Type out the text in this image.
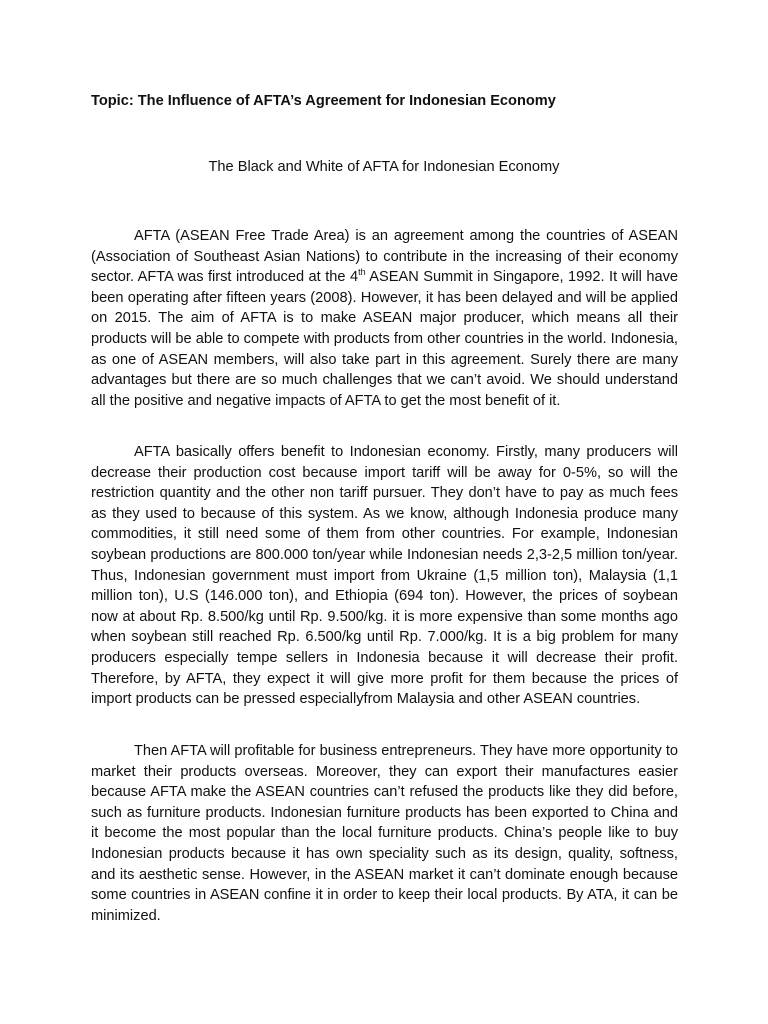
Topic: The Influence of AFTA’s Agreement for Indonesian Economy
The Black and White of AFTA for Indonesian Economy

AFTA (ASEAN Free Trade Area) is an agreement among the countries of ASEAN (Association of Southeast Asian Nations) to contribute in the increasing of their economy sector. AFTA was first introduced at the 4th ASEAN Summit in Singapore, 1992. It will have been operating after fifteen years (2008). However, it has been delayed and will be applied on 2015. The aim of AFTA is to make ASEAN major producer, which means all their products will be able to compete with products from other countries in the world. Indonesia, as one of ASEAN members, will also take part in this agreement. Surely there are many advantages but there are so much challenges that we can’t avoid. We should understand all the positive and negative impacts of AFTA to get the most benefit of it.

AFTA basically offers benefit to Indonesian economy. Firstly, many producers will decrease their production cost because import tariff will be away for 0-5%, so will the restriction quantity and the other non tariff pursuer. They don’t have to pay as much fees as they used to because of this system. As we know, although Indonesia produce many commodities, it still need some of them from other countries. For example, Indonesian soybean productions are 800.000 ton/year while Indonesian needs 2,3-2,5 million ton/year. Thus, Indonesian government must import from Ukraine (1,5 million ton), Malaysia (1,1 million ton), U.S (146.000 ton), and Ethiopia (694 ton). However, the prices of soybean now at about Rp. 8.500/kg until Rp. 9.500/kg. it is more expensive than some months ago when soybean still reached Rp. 6.500/kg until Rp. 7.000/kg. It is a big problem for many producers especially tempe sellers in Indonesia because it will decrease their profit. Therefore, by AFTA, they expect it will give more profit for them because the prices of import products can be pressed especiallyfrom Malaysia and other ASEAN countries.

Then AFTA will profitable for business entrepreneurs. They have more opportunity to market their products overseas. Moreover, they can export their manufactures easier because AFTA make the ASEAN countries can’t refused the products like they did before, such as furniture products. Indonesian furniture products has been exported to China and it become the most popular than the local furniture products. China’s people like to buy Indonesian products because it has own speciality such as its design, quality, softness, and its aesthetic sense. However, in the ASEAN market it can’t dominate enough because some countries in ASEAN confine it in order to keep their local products. By ATA, it can be minimized.
